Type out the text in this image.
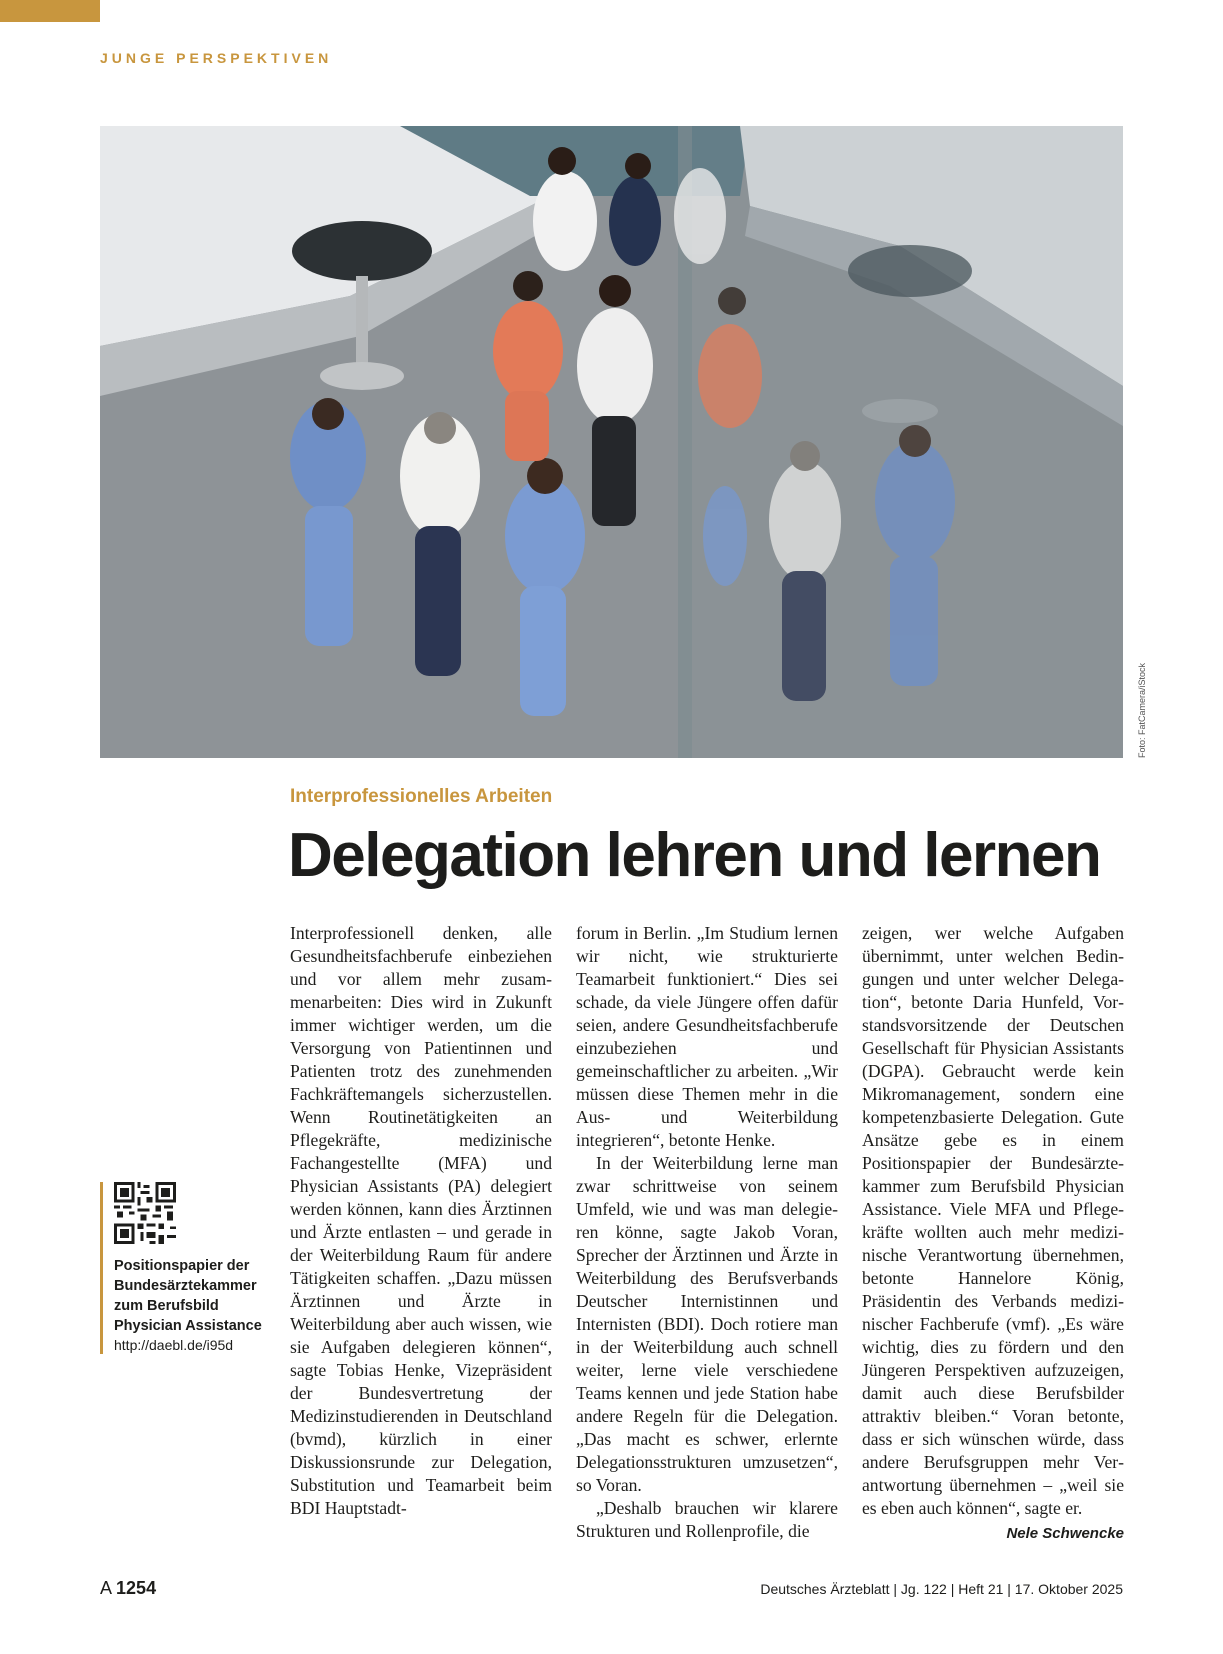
JUNGE PERSPEKTIVEN
Foto: FatCamera/iStock
Interprofessionelles Arbeiten
Delegation lehren und lernen

Interprofessionell denken, alle Gesundheitsfachberufe einbeziehen und vor allem mehr zusammenarbeiten: Dies wird in Zukunft immer wichtiger werden, um die Versorgung von Patientinnen und Patienten trotz des zunehmenden Fachkräftemangels sicherzustellen. Wenn Routinetätigkeiten an Pflegekräfte, medizinische Fachangestellte (MFA) und Physician Assistants (PA) delegiert werden können, kann dies Ärztinnen und Ärzte entlasten – und gerade in der Weiterbildung Raum für andere Tätigkeiten schaffen. „Dazu müssen Ärztinnen und Ärzte in Weiterbildung aber auch wissen, wie sie Aufgaben delegieren können“, sagte Tobias Henke, Vizepräsident der Bundesvertretung der Medizinstudierenden in Deutschland (bvmd), kürzlich in einer Diskussionsrunde zur Delegation, Substitution und Teamarbeit beim BDI Hauptstadt-

forum in Berlin. „Im Studium lernen wir nicht, wie strukturierte Teamarbeit funktioniert.“ Dies sei schade, da viele Jüngere offen dafür seien, andere Gesundheitsfachberufe einzubeziehen und gemeinschaftlicher zu arbeiten. „Wir müssen diese Themen mehr in die Aus- und Weiterbildung integrieren“, betonte Henke.

In der Weiterbildung lerne man zwar schrittweise von seinem Umfeld, wie und was man delegieren könne, sagte Jakob Voran, Sprecher der Ärztinnen und Ärzte in Weiterbildung des Berufsverbands Deutscher Internistinnen und Internisten (BDI). Doch rotiere man in der Weiterbildung auch schnell weiter, lerne viele verschiedene Teams kennen und jede Station habe andere Regeln für die Delegation. „Das macht es schwer, erlernte Delegationsstrukturen umzusetzen“, so Voran.

„Deshalb brauchen wir klarere Strukturen und Rollenprofile, die

zeigen, wer welche Aufgaben übernimmt, unter welchen Bedingungen und unter welcher Delegation“, betonte Daria Hunfeld, Vorstandsvorsitzende der Deutschen Gesellschaft für Physician Assistants (DGPA). Gebraucht werde kein Mikromanagement, sondern eine kompetenzbasierte Delegation. Gute Ansätze gebe es in einem Positionspapier der Bundesärztekammer zum Berufsbild Physician Assistance. Viele MFA und Pflegekräfte wollten auch mehr medizinische Verantwortung übernehmen, betonte Hannelore König, Präsidentin des Verbands medizinischer Fachberufe (vmf). „Es wäre wichtig, dies zu fördern und den Jüngeren Perspektiven aufzuzeigen, damit auch diese Berufsbilder attraktiv bleiben.“ Voran betonte, dass er sich wünschen würde, dass andere Berufsgruppen mehr Verantwortung übernehmen – „weil sie es eben auch können“, sagte er.

Nele Schwencke
Positionspapier der Bundesärztekammer zum Berufsbild Physician Assistance
http://daebl.de/i95d
A 1254	Deutsches Ärzteblatt | Jg. 122 | Heft 21 | 17. Oktober 2025
